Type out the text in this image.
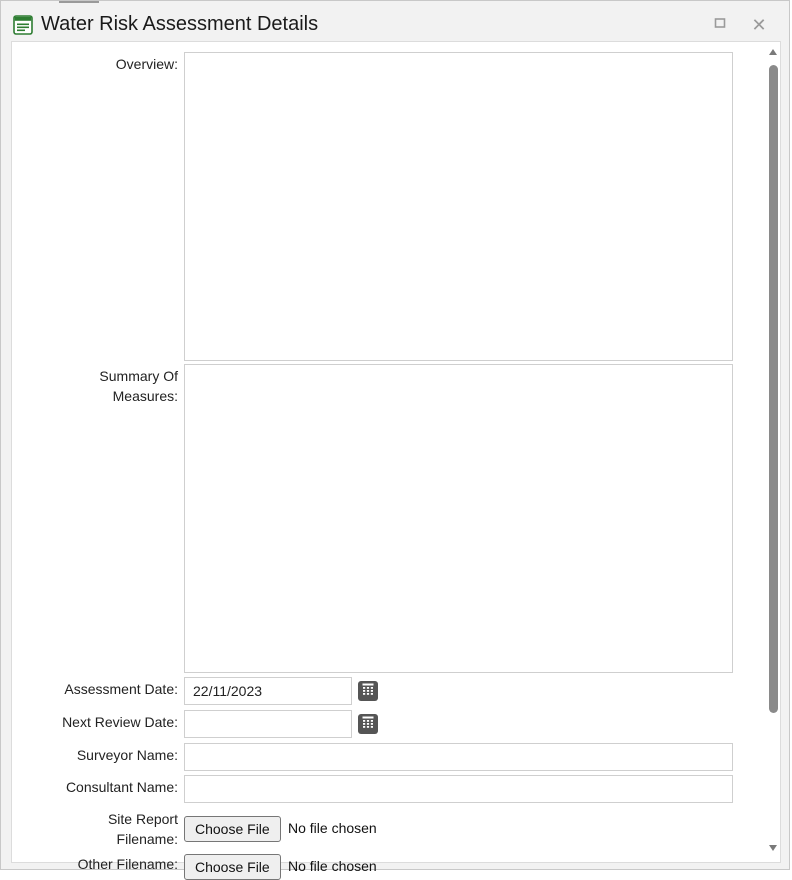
Water Risk Assessment Details	✕
Overview:
Summary Of Measures:
Assessment Date:
22/11/2023
Next Review Date:
Surveyor Name:
Consultant Name:
Site Report Filename:
Choose File	No file chosen
Other Filename:	Choose File	No file chosen
